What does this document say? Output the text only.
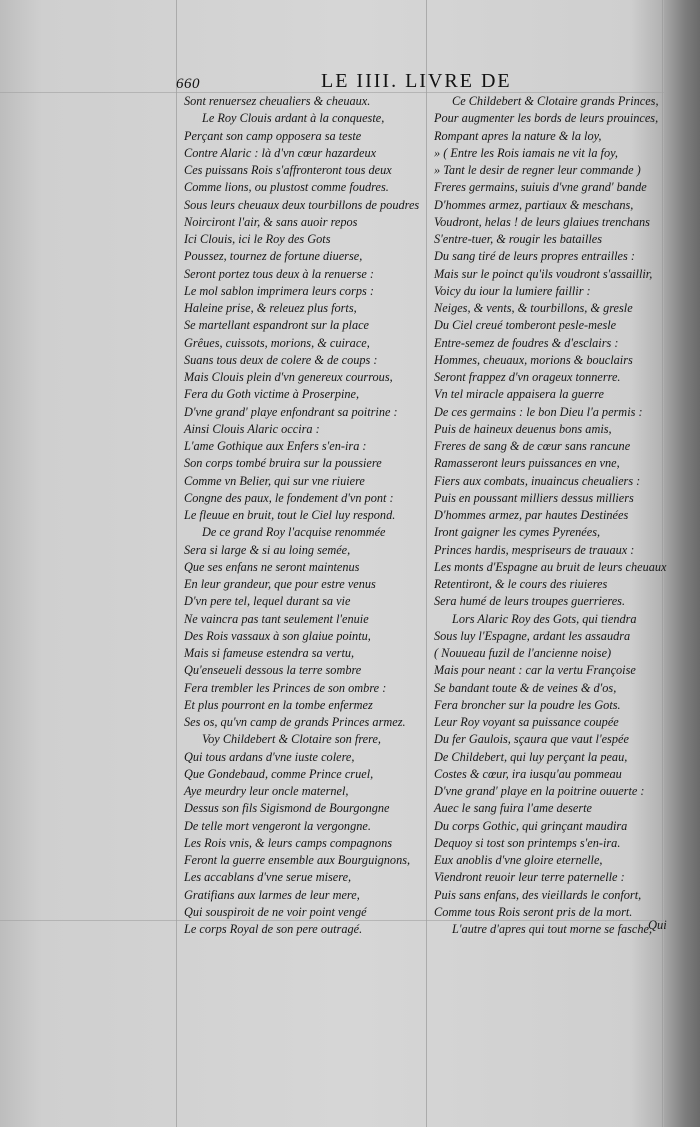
660	LE IIII. LIVRE DE
Sont renuersez cheualiers & cheuaux.
Le Roy Clouis ardant à la conqueste,
Perçant son camp opposera sa teste
Contre Alaric : là d'vn cœur hazardeux
Ces puissans Rois s'affronteront tous deux
Comme lions, ou plustost comme foudres.
Sous leurs cheuaux deux tourbillons de poudres
Noirciront l'air, & sans auoir repos
Ici Clouis, ici le Roy des Gots
Poussez, tournez de fortune diuerse,
Seront portez tous deux à la renuerse :
Le mol sablon imprimera leurs corps :
Haleine prise, & releuez plus forts,
Se martellant espandront sur la place
Grêues, cuissots, morions, & cuirace,
Suans tous deux de colere & de coups :
Mais Clouis plein d'vn genereux courrous,
Fera du Goth victime à Proserpine,
D'vne grand' playe enfondrant sa poitrine :
Ainsi Clouis Alaric occira :
L'ame Gothique aux Enfers s'en-ira :
Son corps tombé bruira sur la poussiere
Comme vn Belier, qui sur vne riuiere
Congne des paux, le fondement d'vn pont :
Le fleuue en bruit, tout le Ciel luy respond.
De ce grand Roy l'acquise renommée
Sera si large & si au loing semée,
Que ses enfans ne seront maintenus
En leur grandeur, que pour estre venus
D'vn pere tel, lequel durant sa vie
Ne vaincra pas tant seulement l'enuie
Des Rois vassaux à son glaiue pointu,
Mais si fameuse estendra sa vertu,
Qu'enseueli dessous la terre sombre
Fera trembler les Princes de son ombre :
Et plus pourront en la tombe enfermez
Ses os, qu'vn camp de grands Princes armez.
Voy Childebert & Clotaire son frere,
Qui tous ardans d'vne iuste colere,
Que Gondebaud, comme Prince cruel,
Aye meurdry leur oncle maternel,
Dessus son fils Sigismond de Bourgongne
De telle mort vengeront la vergongne.
Les Rois vnis, & leurs camps compagnons
Feront la guerre ensemble aux Bourguignons,
Les accablans d'vne serue misere,
Gratifians aux larmes de leur mere,
Qui souspiroit de ne voir point vengé
Le corps Royal de son pere outragé.
Ce Childebert & Clotaire grands Princes,
Pour augmenter les bords de leurs prouinces,
Rompant apres la nature & la loy,
» ( Entre les Rois iamais ne vit la foy,
» Tant le desir de regner leur commande )
Freres germains, suiuis d'vne grand' bande
D'hommes armez, partiaux & meschans,
Voudront, helas ! de leurs glaiues trenchans
S'entre-tuer, & rougir les batailles
Du sang tiré de leurs propres entrailles :
Mais sur le poinct qu'ils voudront s'assaillir,
Voicy du iour la lumiere faillir :
Neiges, & vents, & tourbillons, & gresle
Du Ciel creué tomberont pesle-mesle
Entre-semez de foudres & d'esclairs :
Hommes, cheuaux, morions & bouclairs
Seront frappez d'vn orageux tonnerre.
Vn tel miracle appaisera la guerre
De ces germains : le bon Dieu l'a permis :
Puis de haineux deuenus bons amis,
Freres de sang & de cœur sans rancune
Ramasseront leurs puissances en vne,
Fiers aux combats, inuaincus cheualiers :
Puis en poussant milliers dessus milliers
D'hommes armez, par hautes Destinées
Iront gaigner les cymes Pyrenées,
Princes hardis, mespriseurs de trauaux :
Les monts d'Espagne au bruit de leurs cheuaux
Retentiront, & le cours des riuieres
Sera humé de leurs troupes guerrieres.
Lors Alaric Roy des Gots, qui tiendra
Sous luy l'Espagne, ardant les assaudra
( Nouueau fuzil de l'ancienne noise)
Mais pour neant : car la vertu Françoise
Se bandant toute & de veines & d'os,
Fera broncher sur la poudre les Gots.
Leur Roy voyant sa puissance coupée
Du fer Gaulois, sçaura que vaut l'espée
De Childebert, qui luy perçant la peau,
Costes & cœur, ira iusqu'au pommeau
D'vne grand' playe en la poitrine ouuerte :
Auec le sang fuira l'ame deserte
Du corps Gothic, qui grinçant maudira
Dequoy si tost son printemps s'en-ira.
Eux anoblis d'vne gloire eternelle,
Viendront reuoir leur terre paternelle :
Puis sans enfans, des vieillards le confort,
Comme tous Rois seront pris de la mort.
L'autre d'apres qui tout morne se fasche,
Qui
